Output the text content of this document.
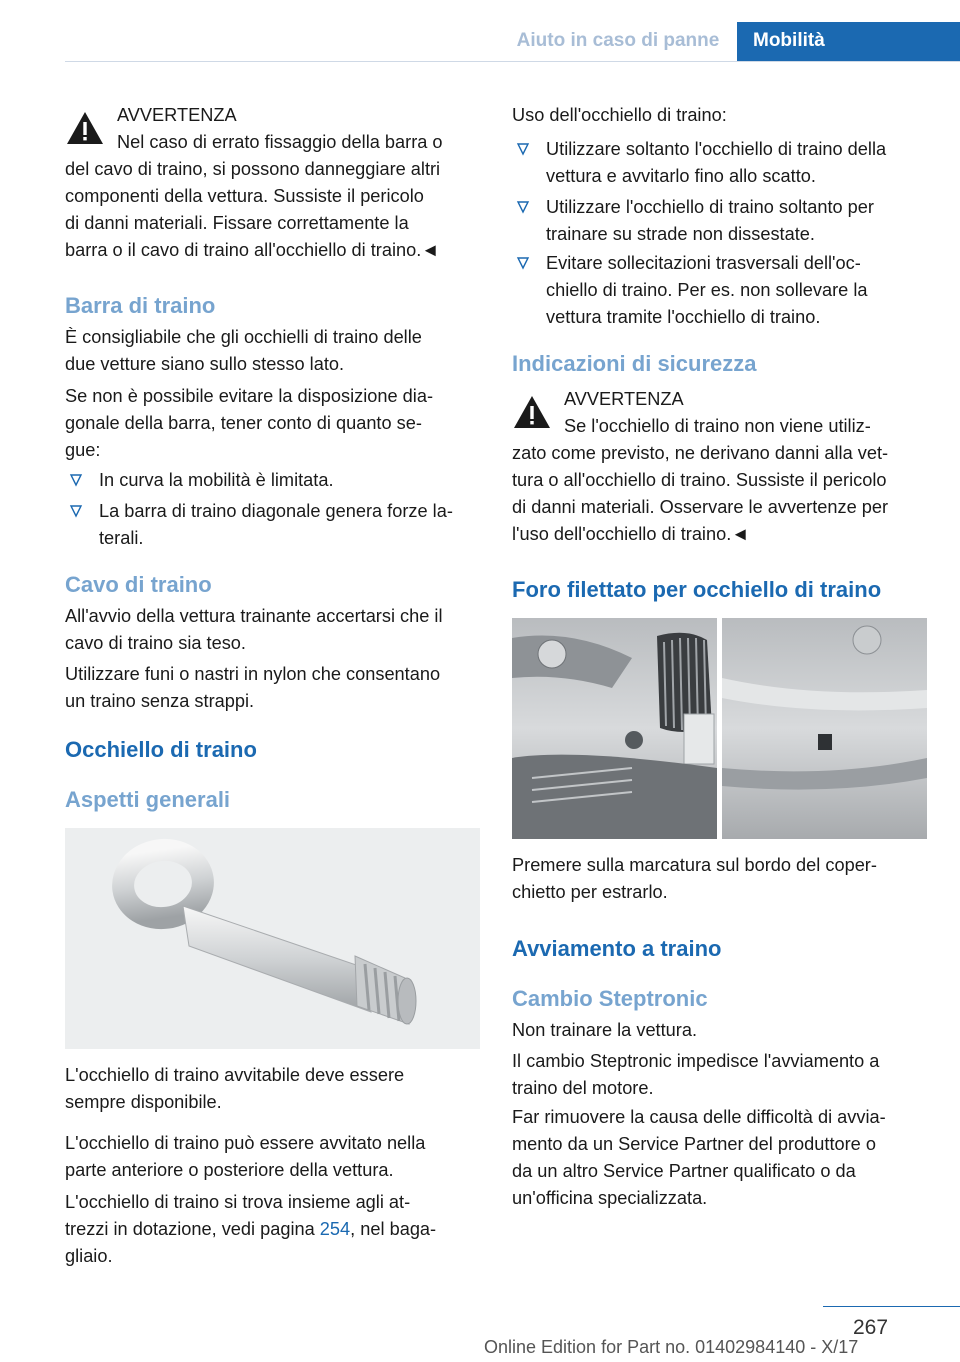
Aiuto in caso di panne	Mobilità

AVVERTENZA

Nel caso di errato fissaggio della barra o

del cavo di traino, si possono danneggiare altri

componenti della vettura. Sussiste il pericolo

di danni materiali. Fissare correttamente la

barra o il cavo di traino all'occhiello di traino.◄

Barra di traino

È consigliabile che gli occhielli di traino delle

due vetture siano sullo stesso lato.

Se non è possibile evitare la disposizione dia-

gonale della barra, tener conto di quanto se-

gue:

In curva la mobilità è limitata.

La barra di traino diagonale genera forze la-

terali.

Cavo di traino

All'avvio della vettura trainante accertarsi che il

cavo di traino sia teso.

Utilizzare funi o nastri in nylon che consentano

un traino senza strappi.

Occhiello di traino
Aspetti generali

L'occhiello di traino avvitabile deve essere

sempre disponibile.

L'occhiello di traino può essere avvitato nella

parte anteriore o posteriore della vettura.

L'occhiello di traino si trova insieme agli at-

trezzi in dotazione, vedi pagina 254, nel baga-

gliaio.

Uso dell'occhiello di traino:

Utilizzare soltanto l'occhiello di traino della

vettura e avvitarlo fino allo scatto.

Utilizzare l'occhiello di traino soltanto per

trainare su strade non dissestate.

Evitare sollecitazioni trasversali dell'oc-

chiello di traino. Per es. non sollevare la

vettura tramite l'occhiello di traino.

Indicazioni di sicurezza

AVVERTENZA

Se l'occhiello di traino non viene utiliz-

zato come previsto, ne derivano danni alla vet-

tura o all'occhiello di traino. Sussiste il pericolo

di danni materiali. Osservare le avvertenze per

l'uso dell'occhiello di traino.◄

Foro filettato per occhiello di traino

Premere sulla marcatura sul bordo del coper-

chietto per estrarlo.

Avviamento a traino
Cambio Steptronic

Non trainare la vettura.

Il cambio Steptronic impedisce l'avviamento a

traino del motore.

Far rimuovere la causa delle difficoltà di avvia-

mento da un Service Partner del produttore o

da un altro Service Partner qualificato o da

un'officina specializzata.

267
Online Edition for Part no. 01402984140 - X/17
